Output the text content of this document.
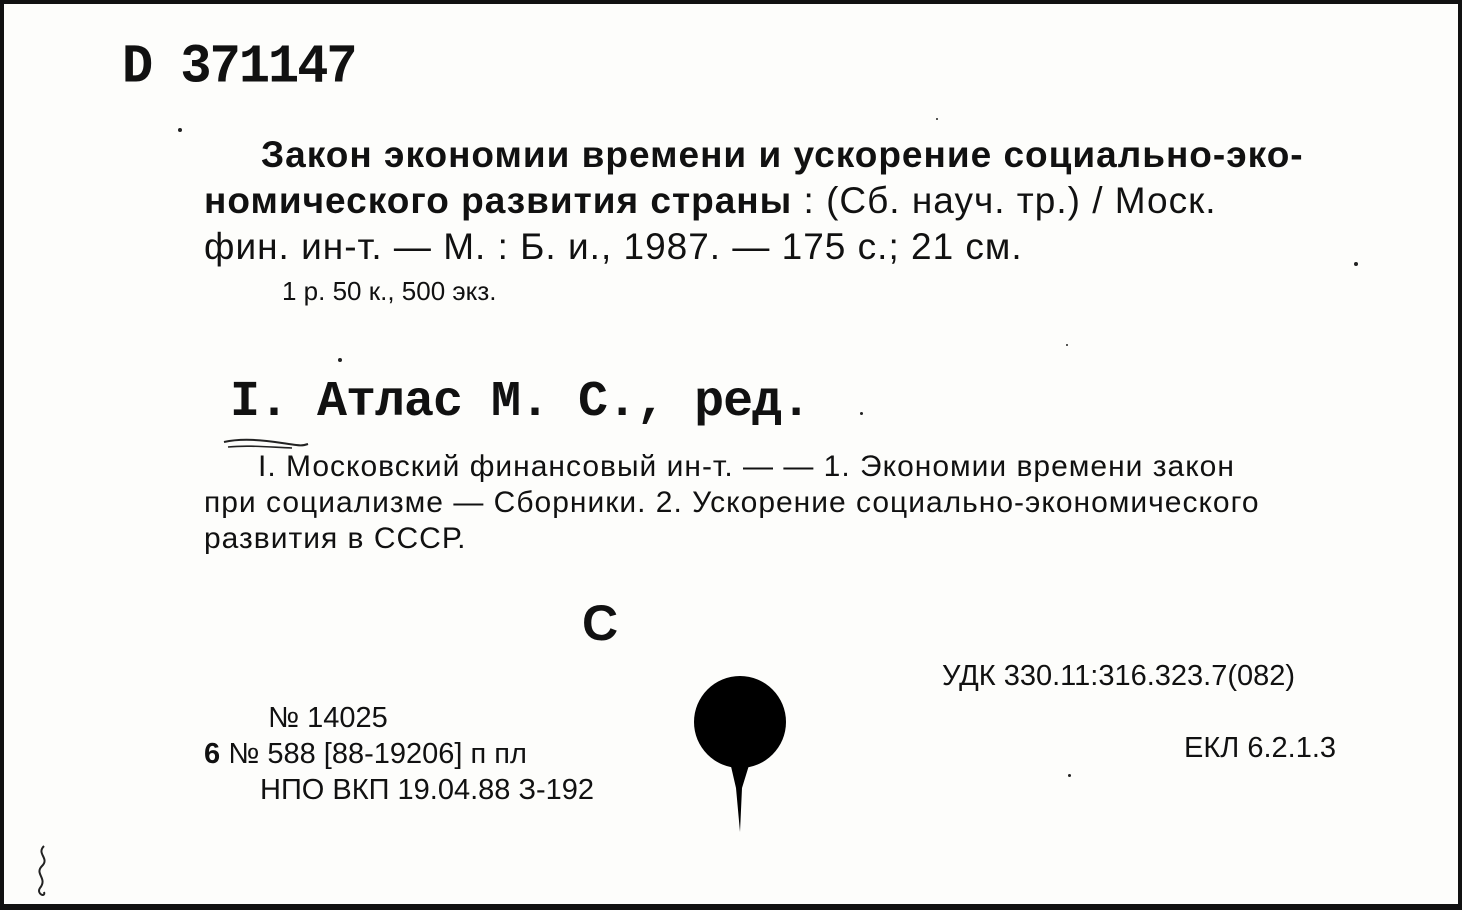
D 371147
Закон экономии времени и ускорение социально-эко-
номического развития страны : (Сб. науч. тр.) / Моск.
фин. ин-т. — М. : Б. и., 1987. — 175 с.; 21 см.
1 р. 50 к., 500 экз.
I. Атлас М. С., ред.
I. Московский финансовый ин-т. — — 1. Экономии времени закон
при социализме — Сборники. 2. Ускорение социально-экономического
развития в СССР.
С
УДК 330.11:316.323.7(082)
ЕКЛ 6.2.1.3
№ 14025
6 № 588 [88-19206] п пл
НПО ВКП 19.04.88 З-192
